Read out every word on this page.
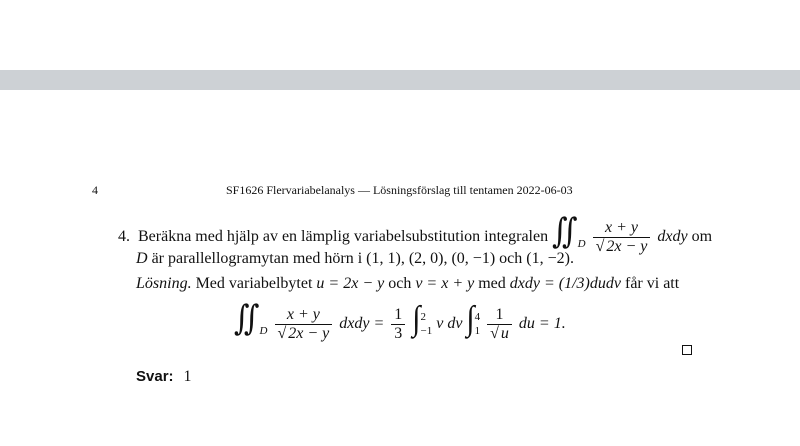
4	SF1626 Flervariabelanalys — Lösningsförslag till tentamen 2022-06-03
4. Beräkna med hjälp av en lämplig variabelsubstitution integralen $∬_D \frac{x + y}{√ 2x - y}$ dxdy om
D är parallellogramytan med hörn i (1, 1), (2, 0), (0, −1) och (1, −2).
Lösning. Med variabelbytet u = 2x − y och v = x + y med dxdy = (1/3)dudv får vi att
$∬_D \frac{x + y}{√ 2x - y}$ dxdy = $\frac{1}{3}$ ∫ 2
−1 v dv ∫ 4
1
$\frac{1}{√ u}$ du = 1.
Svar: 1
